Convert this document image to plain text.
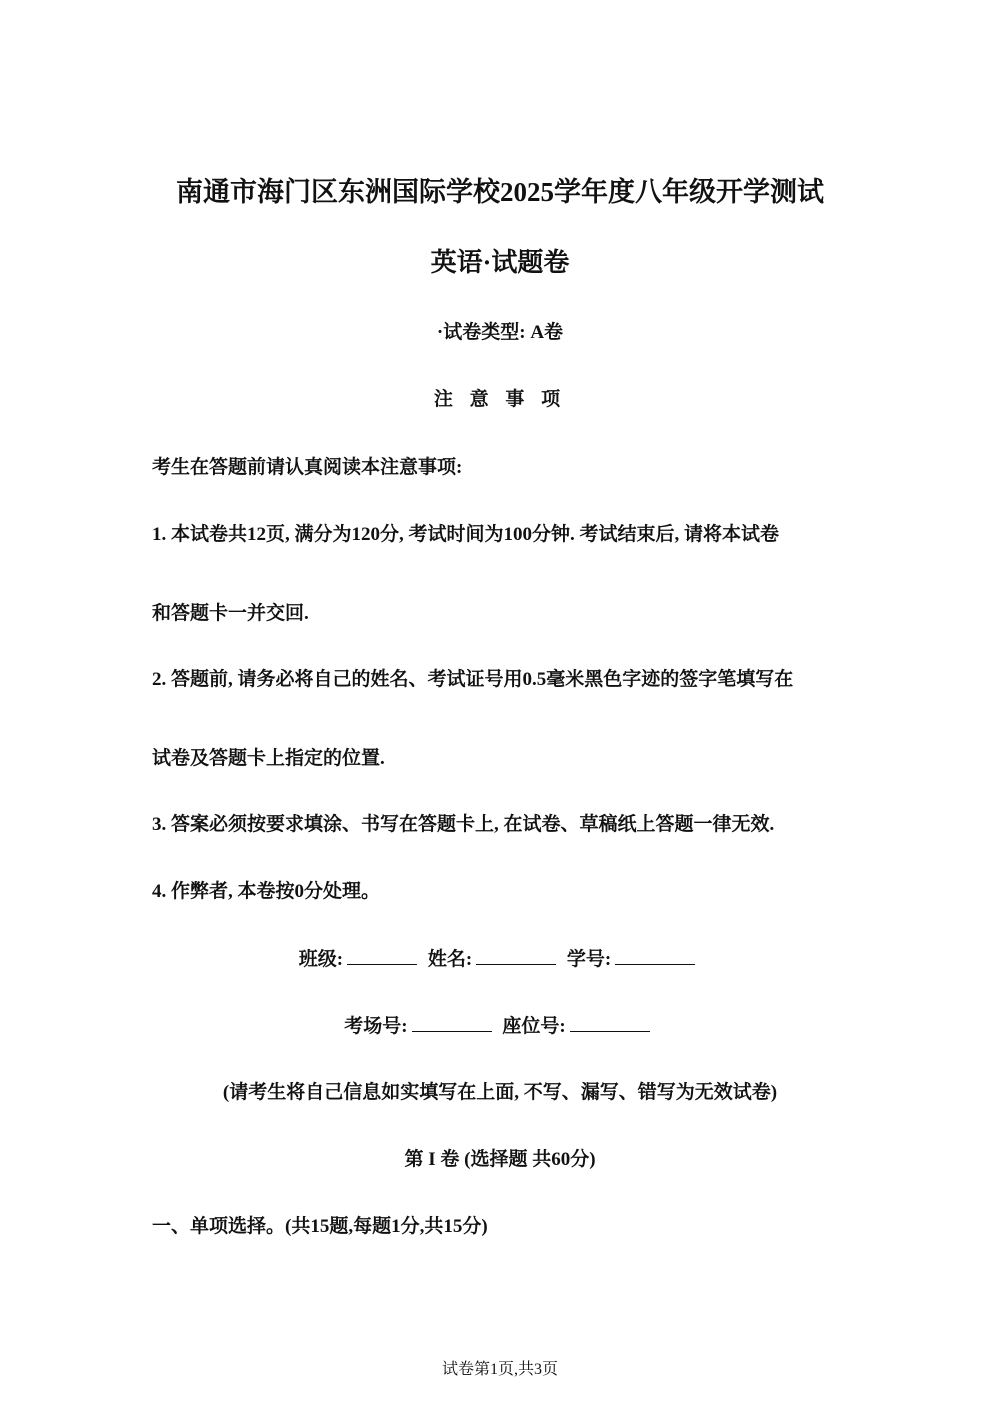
南通市海门区东洲国际学校2025学年度八年级开学测试
英语·试题卷
·试卷类型: A卷
注 意 事 项
考生在答题前请认真阅读本注意事项:
1. 本试卷共12页, 满分为120分, 考试时间为100分钟. 考试结束后, 请将本试卷
和答题卡一并交回.
2. 答题前, 请务必将自己的姓名、考试证号用0.5毫米黑色字迹的签字笔填写在
试卷及答题卡上指定的位置.
3. 答案必须按要求填涂、书写在答题卡上, 在试卷、草稿纸上答题一律无效.
4. 作弊者, 本卷按0分处理。
班级:	姓名:	学号:
考场号:	座位号:
(请考生将自己信息如实填写在上面, 不写、漏写、错写为无效试卷)
第 I 卷 (选择题 共60分)
一、单项选择。(共15题,每题1分,共15分)
试卷第1页,共3页
